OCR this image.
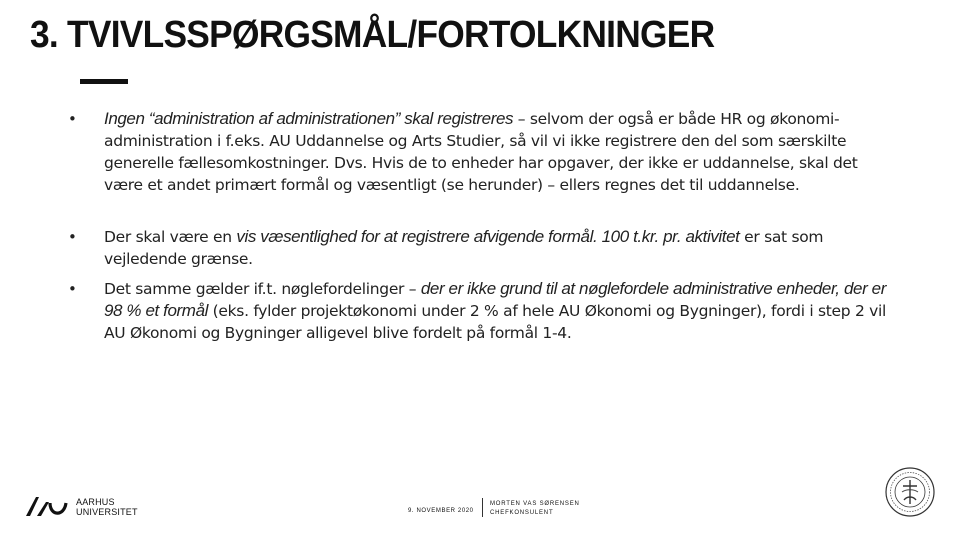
3. TVIVLSSPØRGSMÅL/FORTOLKNINGER
• Ingen “administration af administrationen” skal registreres – selvom der også er både HR og økonomi-administration i f.eks. AU Uddannelse og Arts Studier, så vil vi ikke registrere den del som særskilte generelle fællesomkostninger. Dvs. Hvis de to enheder har opgaver, der ikke er uddannelse, skal det være et andet primært formål og væsentligt (se herunder) – ellers regnes det til uddannelse.
• Der skal være en vis væsentlighed for at registrere afvigende formål. 100 t.kr. pr. aktivitet er sat som vejledende grænse.
• Det samme gælder if.t. nøglefordelinger – der er ikke grund til at nøglefordele administrative enheder, der er 98 % et formål (eks. fylder projektøkonomi under 2 % af hele AU Økonomi og Bygninger), fordi i step 2 vil AU Økonomi og Bygninger alligevel blive fordelt på formål 1-4.
AARHUS
UNIVERSITET	9. NOVEMBER 2020
MORTEN VAS SØRENSEN
CHEFKONSULENT
